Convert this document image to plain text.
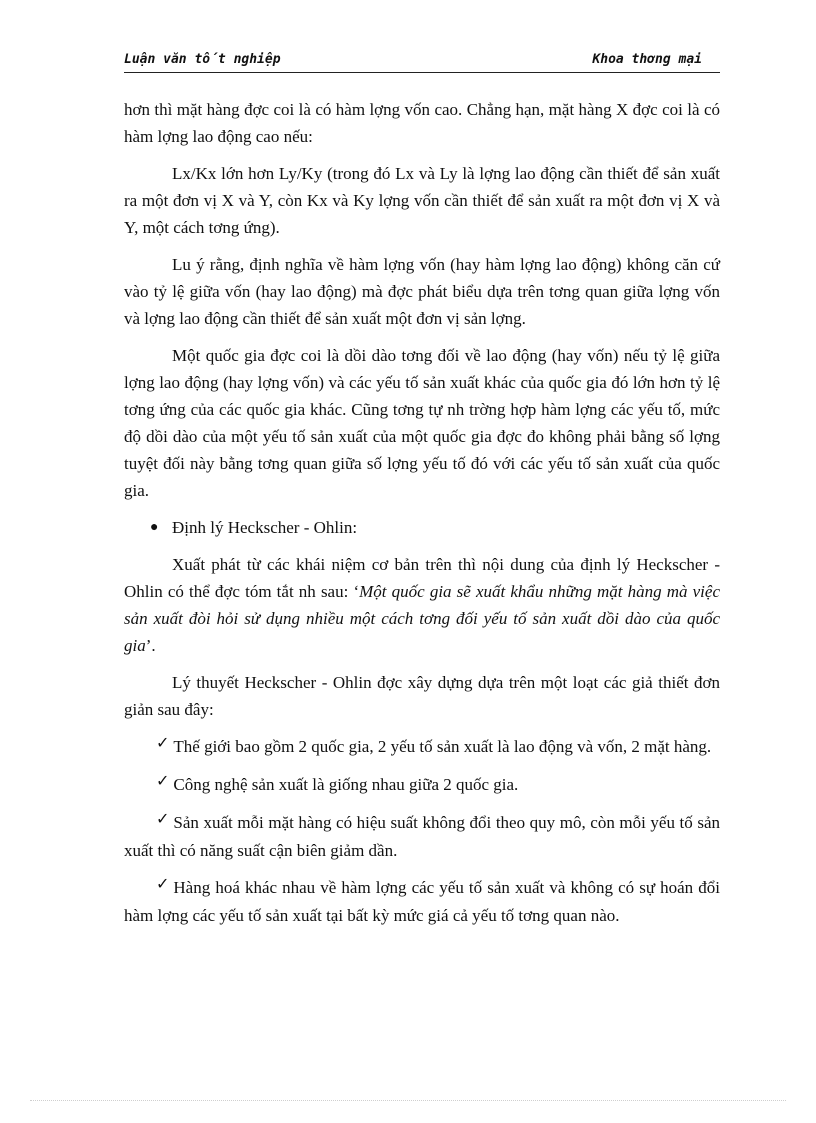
Luận văn tốt nghiệp	Khoa thơng mại

hơn thì mặt hàng đợc coi là có hàm lợng vốn cao. Chẳng hạn, mặt hàng X đợc coi là có hàm lợng lao động cao nếu:

Lx/Kx lớn hơn Ly/Ky (trong đó Lx và Ly là lợng lao động cần thiết để sản xuất ra một đơn vị X và Y, còn Kx và Ky lợng vốn cần thiết để sản xuất ra một đơn vị X và Y, một cách tơng ứng).

Lu ý rằng, định nghĩa về hàm lợng vốn (hay hàm lợng lao động) không căn cứ vào tỷ lệ giữa vốn (hay lao động) mà đợc phát biểu dựa trên tơng quan giữa lợng vốn và lợng lao động cần thiết để sản xuất một đơn vị sản lợng.

Một quốc gia đợc coi là dồi dào tơng đối về lao động (hay vốn) nếu tỷ lệ giữa lợng lao động (hay lợng vốn) và các yếu tố sản xuất khác của quốc gia đó lớn hơn tỷ lệ tơng ứng của các quốc gia khác. Cũng tơng tự nh trờng hợp hàm lợng các yếu tố, mức độ dồi dào của một yếu tố sản xuất của một quốc gia đợc đo không phải bằng số lợng tuyệt đối này bằng tơng quan giữa số lợng yếu tố đó với các yếu tố sản xuất của quốc gia.

● Định lý Heckscher - Ohlin:

Xuất phát từ các khái niệm cơ bản trên thì nội dung của định lý Heckscher - Ohlin có thể đợc tóm tắt nh sau: ‘Một quốc gia sẽ xuất khẩu những mặt hàng mà việc sản xuất đòi hỏi sử dụng nhiều một cách tơng đối yếu tố sản xuất dồi dào của quốc gia’.

Lý thuyết Heckscher - Ohlin đợc xây dựng dựa trên một loạt các giả thiết đơn giản sau đây:

✓ Thế giới bao gồm 2 quốc gia, 2 yếu tố sản xuất là lao động và vốn, 2 mặt hàng.

✓ Công nghệ sản xuất là giống nhau giữa 2 quốc gia.

✓ Sản xuất mỗi mặt hàng có hiệu suất không đổi theo quy mô, còn mỗi yếu tố sản xuất thì có năng suất cận biên giảm dần.

✓ Hàng hoá khác nhau về hàm lợng các yếu tố sản xuất và không có sự hoán đổi hàm lợng các yếu tố sản xuất tại bất kỳ mức giá cả yếu tố tơng quan nào.
